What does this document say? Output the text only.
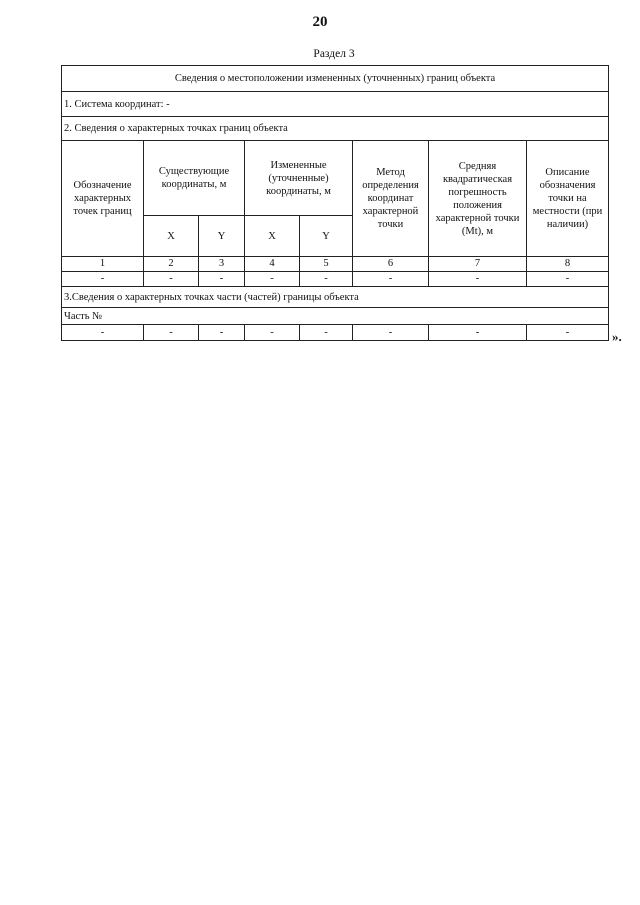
20
Раздел 3
Сведения о местоположении измененных (уточненных) границ объекта							
1. Система координат: -							
2. Сведения о характерных точках границ объекта							
Обозначение характерных точек границ	Существующие координаты, м		Измененные (уточненные) координаты, м		Метод определения координат характерной точки	Средняя квадратическая погрешность положения характерной точки (Mt), м	Описание обозначения точки на местности (при наличии)
	X	Y	X	Y			
1	2	3	4	5	6	7	8
-	-	-	-	-	-	-	-
3.Сведения о характерных точках части (частей) границы объекта							
Часть №							
-	-	-	-	-	-	-	-	».
